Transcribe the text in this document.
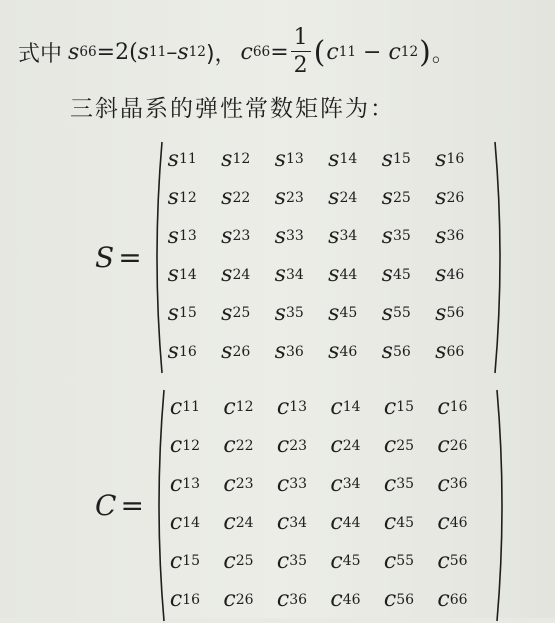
式中 s 66 =2( s 11 – s 12 )， c $66 = \frac{1}{2}$ ( c 11 − c 12 ) 。
三斜晶系的弹性常数矩阵为：
S =
s 11 s 12 s 13 s 14 s 15 s 16
s 12 s 22 s 23 s 24 s 25 s 26
s 13 s 23 s 33 s 34 s 35 s 36
s 14 s 24 s 34 s 44 s 45 s 46
s 15 s 25 s 35 s 45 s 55 s 56
s 16 s 26 s 36 s 46 s 56 s 66
C =
c 11 c 12 c 13 c 14 c 15 c 16
c 12 c 22 c 23 c 24 c 25 c 26
c 13 c 23 c 33 c 34 c 35 c 36
c 14 c 24 c 34 c 44 c 45 c 46
c 15 c 25 c 35 c 45 c 55 c 56
c 16 c 26 c 36 c 46 c 56 c 66
